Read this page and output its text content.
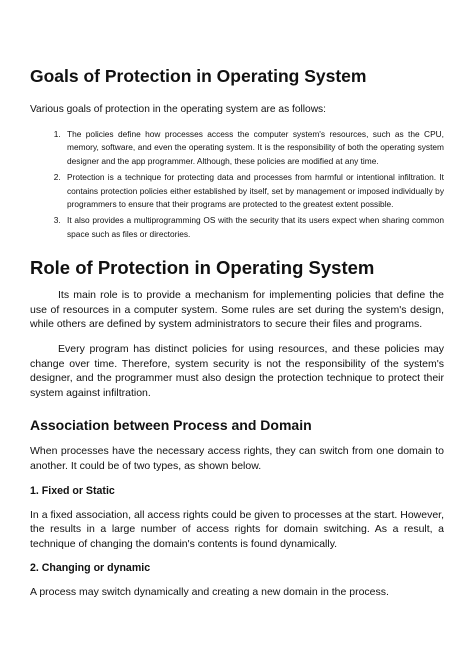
Goals of Protection in Operating System

Various goals of protection in the operating system are as follows:

1. The policies define how processes access the computer system's resources, such as the CPU, memory, software, and even the operating system. It is the responsibility of both the operating system designer and the app programmer. Although, these policies are modified at any time.
2. Protection is a technique for protecting data and processes from harmful or intentional infiltration. It contains protection policies either established by itself, set by management or imposed individually by programmers to ensure that their programs are protected to the greatest extent possible.
3. It also provides a multiprogramming OS with the security that its users expect when sharing common space such as files or directories.
Role of Protection in Operating System

Its main role is to provide a mechanism for implementing policies that define the use of resources in a computer system. Some rules are set during the system's design, while others are defined by system administrators to secure their files and programs.

Every program has distinct policies for using resources, and these policies may change over time. Therefore, system security is not the responsibility of the system's designer, and the programmer must also design the protection technique to protect their system against infiltration.

Association between Process and Domain

When processes have the necessary access rights, they can switch from one domain to another. It could be of two types, as shown below.

1. Fixed or Static

In a fixed association, all access rights could be given to processes at the start. However, the results in a large number of access rights for domain switching. As a result, a technique of changing the domain's contents is found dynamically.

2. Changing or dynamic

A process may switch dynamically and creating a new domain in the process.
